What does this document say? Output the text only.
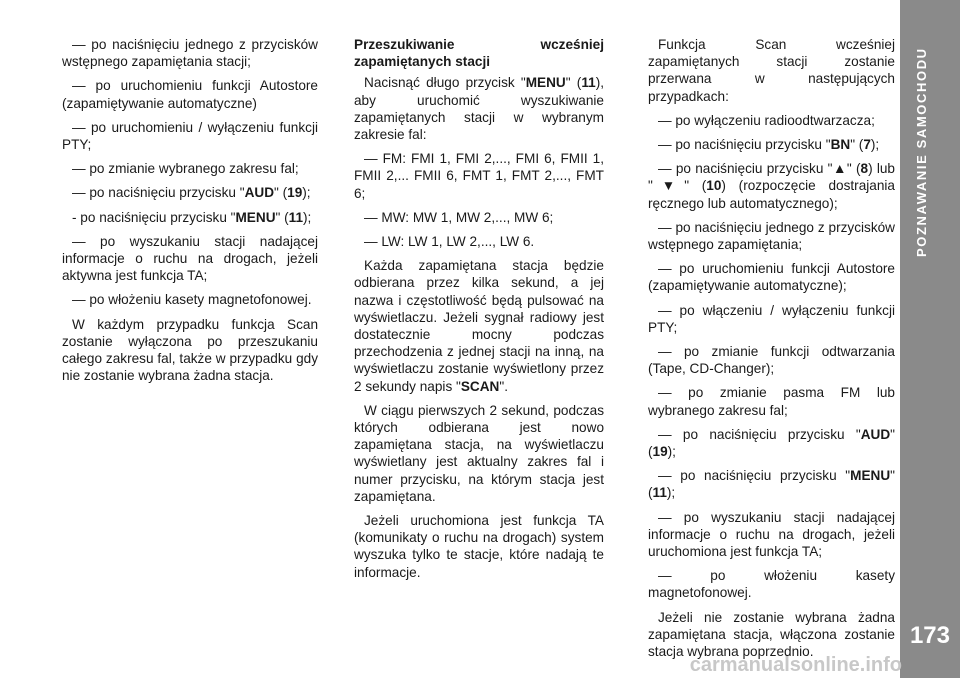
— po naciśnięciu jednego z przycisków wstępnego zapamiętania stacji;

— po uruchomieniu funkcji Autostore (zapamiętywanie automatyczne)

— po uruchomieniu / wyłączeniu funkcji PTY;

— po zmianie wybranego zakresu fal;

— po naciśnięciu przycisku "AUD" (19);

- po naciśnięciu przycisku "MENU" (11);

— po wyszukaniu stacji nadającej informacje o ruchu na drogach, jeżeli aktywna jest funkcja TA;

— po włożeniu kasety magnetofonowej.

W każdym przypadku funkcja Scan zostanie wyłączona po przeszukaniu całego zakresu fal, także w przypadku gdy nie zostanie wybrana żadna stacja.

Przeszukiwanie wcześniej zapamiętanych stacji

Nacisnąć długo przycisk "MENU" (11), aby uruchomić wyszukiwanie zapamiętanych stacji w wybranym zakresie fal:

— FM: FMI 1, FMI 2,..., FMI 6, FMII 1, FMII 2,... FMII 6, FMT 1, FMT 2,..., FMT 6;

— MW: MW 1, MW 2,..., MW 6;

— LW: LW 1, LW 2,..., LW 6.

Każda zapamiętana stacja będzie odbierana przez kilka sekund, a jej nazwa i częstotliwość będą pulsować na wyświetlaczu. Jeżeli sygnał radiowy jest dostatecznie mocny podczas przechodzenia z jednej stacji na inną, na wyświetlaczu zostanie wyświetlony przez 2 sekundy napis "SCAN".

W ciągu pierwszych 2 sekund, podczas których odbierana jest nowo zapamiętana stacja, na wyświetlaczu wyświetlany jest aktualny zakres fal i numer przycisku, na którym stacja jest zapamiętana.

Jeżeli uruchomiona jest funkcja TA (komunikaty o ruchu na drogach) system wyszuka tylko te stacje, które nadają te informacje.

Funkcja Scan wcześniej zapamiętanych stacji zostanie przerwana w następujących przypadkach:

— po wyłączeniu radioodtwarzacza;

— po naciśnięciu przycisku "BN" (7);

— po naciśnięciu przycisku "▲" (8) lub "▼" (10) (rozpoczęcie dostrajania ręcznego lub automatycznego);

— po naciśnięciu jednego z przycisków wstępnego zapamiętania;

— po uruchomieniu funkcji Autostore (zapamiętywanie automatyczne);

— po włączeniu / wyłączeniu funkcji PTY;

— po zmianie funkcji odtwarzania (Tape, CD-Changer);

— po zmianie pasma FM lub wybranego zakresu fal;

— po naciśnięciu przycisku "AUD" (19);

— po naciśnięciu przycisku "MENU" (11);

— po wyszukaniu stacji nadającej informacje o ruchu na drogach, jeżeli uruchomiona jest funkcja TA;

— po włożeniu kasety magnetofonowej.

Jeżeli nie zostanie wybrana żadna zapamiętana stacja, włączona zostanie stacja wybrana poprzednio.

POZNAWANIE SAMOCHODU
173
carmanualsonline.info
